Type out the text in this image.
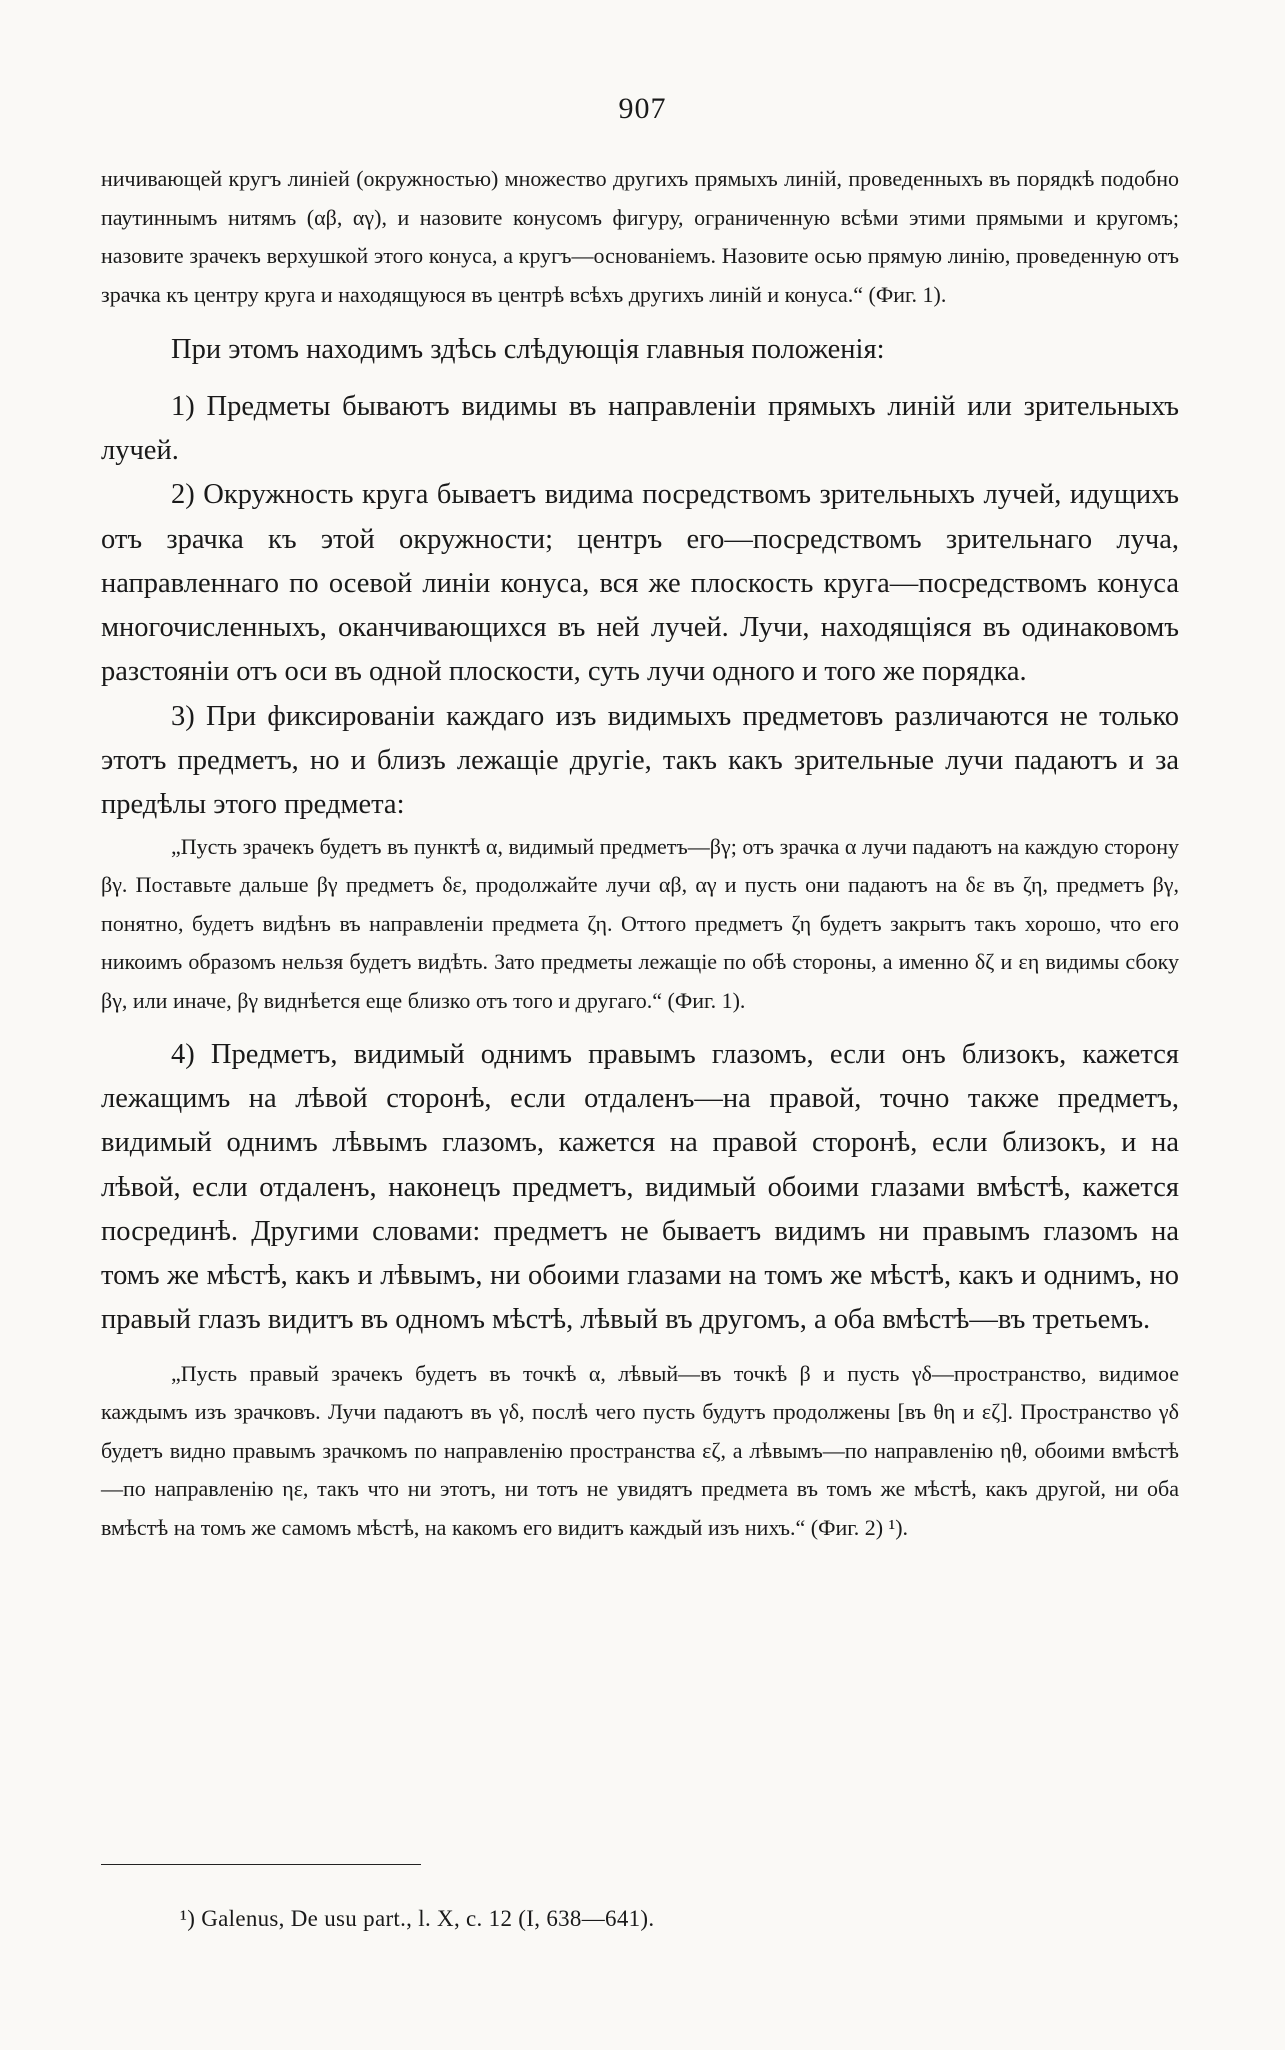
907

ничивающей кругъ линіей (окружностью) множество другихъ прямыхъ линій, проведенныхъ въ порядкѣ подобно паутиннымъ нитямъ (αβ, αγ), и назовите конусомъ фигуру, ограниченную всѣми этими прямыми и кругомъ; назовите зрачекъ верхушкой этого конуса, а кругъ—основаніемъ. Назовите осью прямую линію, проведенную отъ зрачка къ центру круга и находящуюся въ центрѣ всѣхъ другихъ линій и конуса.“ (Фиг. 1).

При этомъ находимъ здѣсь слѣдующія главныя положенія:

1) Предметы бываютъ видимы въ направленіи прямыхъ линій или зрительныхъ лучей.

2) Окружность круга бываетъ видима посредствомъ зрительныхъ лучей, идущихъ отъ зрачка къ этой окружности; центръ его—посредствомъ зрительнаго луча, направленнаго по осевой линіи конуса, вся же плоскость круга—посредствомъ конуса многочисленныхъ, оканчивающихся въ ней лучей. Лучи, находящіяся въ одинаковомъ разстояніи отъ оси въ одной плоскости, суть лучи одного и того же порядка.

3) При фиксированіи каждаго изъ видимыхъ предметовъ различаются не только этотъ предметъ, но и близъ лежащіе другіе, такъ какъ зрительные лучи падаютъ и за предѣлы этого предмета:

„Пусть зрачекъ будетъ въ пунктѣ α, видимый предметъ—βγ; отъ зрачка α лучи падаютъ на каждую сторону βγ. Поставьте дальше βγ предметъ δε, продолжайте лучи αβ, αγ и пусть они падаютъ на δε въ ζη, предметъ βγ, понятно, будетъ видѣнъ въ направленіи предмета ζη. Оттого предметъ ζη будетъ закрытъ такъ хорошо, что его никоимъ образомъ нельзя будетъ видѣть. Зато предметы лежащіе по обѣ стороны, а именно δζ и εη видимы сбоку βγ, или иначе, βγ виднѣется еще близко отъ того и другаго.“ (Фиг. 1).

4) Предметъ, видимый однимъ правымъ глазомъ, если онъ близокъ, кажется лежащимъ на лѣвой сторонѣ, если отдаленъ—на правой, точно также предметъ, видимый однимъ лѣвымъ глазомъ, кажется на правой сторонѣ, если близокъ, и на лѣвой, если отдаленъ, наконецъ предметъ, видимый обоими глазами вмѣстѣ, кажется посрединѣ. Другими словами: предметъ не бываетъ видимъ ни правымъ глазомъ на томъ же мѣстѣ, какъ и лѣвымъ, ни обоими глазами на томъ же мѣстѣ, какъ и однимъ, но правый глазъ видитъ въ одномъ мѣстѣ, лѣвый въ другомъ, а оба вмѣстѣ—въ третьемъ.

„Пусть правый зрачекъ будетъ въ точкѣ α, лѣвый—въ точкѣ β и пусть γδ—пространство, видимое каждымъ изъ зрачковъ. Лучи падаютъ въ γδ, послѣ чего пусть будутъ продолжены [въ θη и εζ]. Пространство γδ будетъ видно правымъ зрачкомъ по направленію пространства εζ, а лѣвымъ—по направленію ηθ, обоими вмѣстѣ—по направленію ηε, такъ что ни этотъ, ни тотъ не увидятъ предмета въ томъ же мѣстѣ, какъ другой, ни оба вмѣстѣ на томъ же самомъ мѣстѣ, на какомъ его видитъ каждый изъ нихъ.“ (Фиг. 2) ¹).

¹) Galenus, De usu part., l. X, c. 12 (I, 638—641).
